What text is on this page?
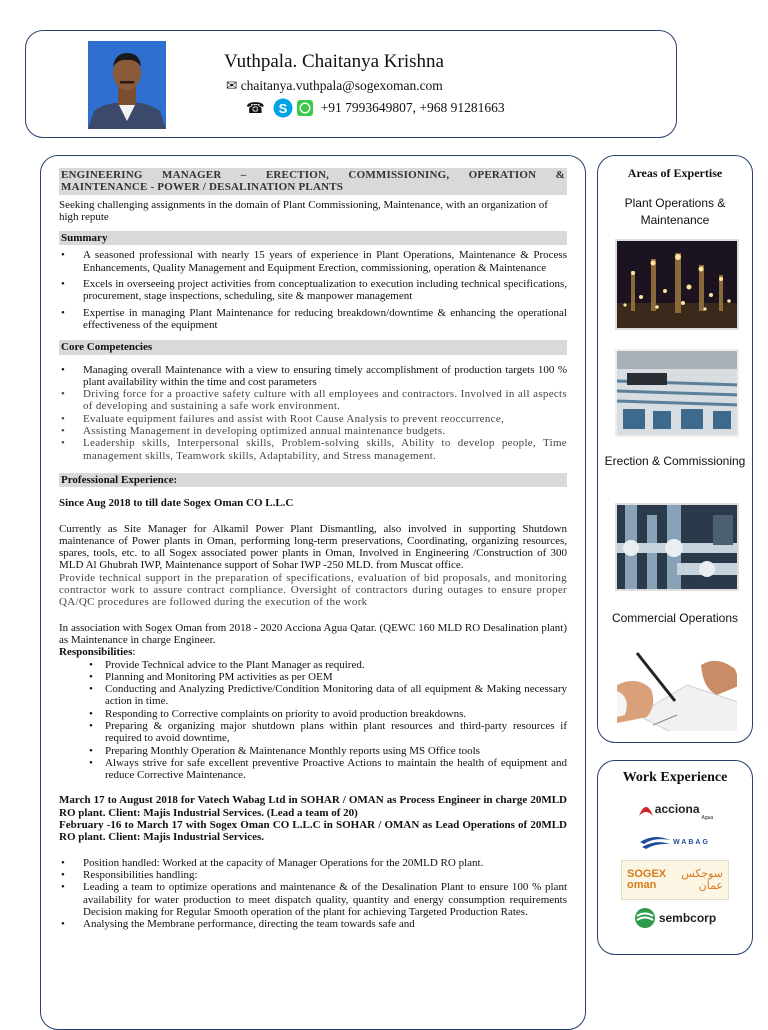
Vuthpala. Chaitanya Krishna
✉ chaitanya.vuthpala@sogexoman.com
☎ S +91 7993649807, +968 91281663
ENGINEERING MANAGER – ERECTION, COMMISSIONING, OPERATION &
MAINTENANCE - POWER / DESALINATION PLANTS

Seeking challenging assignments in the domain of Plant Commissioning, Maintenance, with an organization of high repute

Summary
• A seasoned professional with nearly 15 years of experience in Plant Operations, Maintenance & Process Enhancements, Quality Management and Equipment Erection, commissioning, operation & Maintenance
• Excels in overseeing project activities from conceptualization to execution including technical specifications, procurement, stage inspections, scheduling, site & manpower management
• Expertise in managing Plant Maintenance for reducing breakdown/downtime & enhancing the operational effectiveness of the equipment
Core Competencies
• Managing overall Maintenance with a view to ensuring timely accomplishment of production targets 100 % plant availability within the time and cost parameters
• Driving force for a proactive safety culture with all employees and contractors. Involved in all aspects of developing and sustaining a safe work environment.
• Evaluate equipment failures and assist with Root Cause Analysis to prevent reoccurrence,
• Assisting Management in developing optimized annual maintenance budgets.
• Leadership skills, Interpersonal skills, Problem-solving skills, Ability to develop people, Time management skills, Teamwork skills, Adaptability, and Stress management.
Professional Experience:

Since Aug 2018 to till date Sogex Oman CO L.L.C

Currently as Site Manager for Alkamil Power Plant Dismantling, also involved in supporting Shutdown maintenance of Power plants in Oman, performing long-term preservations, Coordinating, organizing resources, spares, tools, etc. to all Sogex associated power plants in Oman, Involved in Engineering /Construction of 300 MLD Al Ghubrah IWP, Maintenance support of Sohar IWP -250 MLD. from Muscat office.

Provide technical support in the preparation of specifications, evaluation of bid proposals, and monitoring contractor work to assure contract compliance. Oversight of contractors during outages to ensure proper QA/QC procedures are followed during the execution of the work

In association with Sogex Oman from 2018 - 2020 Acciona Agua Qatar. (QEWC 160 MLD RO Desalination plant) as Maintenance in charge Engineer.

Responsibilities:

• Provide Technical advice to the Plant Manager as required.
• Planning and Monitoring PM activities as per OEM
• Conducting and Analyzing Predictive/Condition Monitoring data of all equipment & Making necessary action in time.
• Responding to Corrective complaints on priority to avoid production breakdowns.
• Preparing & organizing major shutdown plans within plant resources and third-party resources if required to avoid downtime,
• Preparing Monthly Operation & Maintenance Monthly reports using MS Office tools
• Always strive for safe excellent preventive Proactive Actions to maintain the health of equipment and reduce Corrective Maintenance.

March 17 to August 2018 for Vatech Wabag Ltd in SOHAR / OMAN as Process Engineer in charge 20MLD RO plant. Client: Majis Industrial Services. (Lead a team of 20)

February -16 to March 17 with Sogex Oman CO L.L.C in SOHAR / OMAN as Lead Operations of 20MLD RO plant. Client: Majis Industrial Services.

• Position handled: Worked at the capacity of Manager Operations for the 20MLD RO plant.
• Responsibilities handling:
• Leading a team to optimize operations and maintenance & of the Desalination Plant to ensure 100 % plant availability for water production to meet dispatch quality, quantity and energy consumption requirements Decision making for Regular Smooth operation of the plant for achieving Targeted Production Rates.
• Analysing the Membrane performance, directing the team towards safe and
Areas of Expertise
Plant Operations & Maintenance
Erection & Commissioning
Commercial Operations
Work Experience
acciona
Agua
WABAG
SOGEX
oman
سوجكس
عمان
sembcorp
